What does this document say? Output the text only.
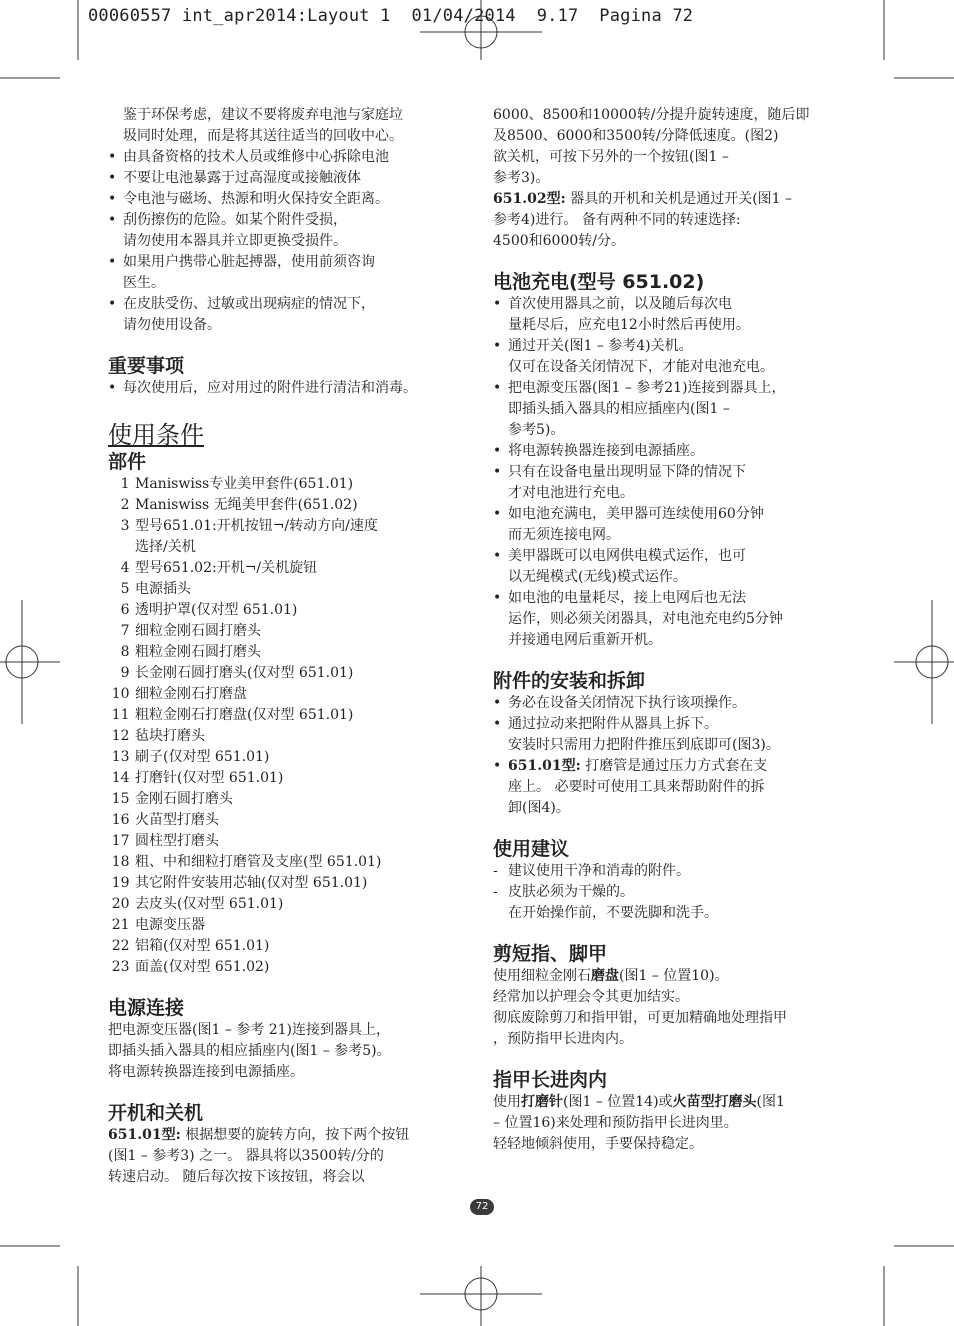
00060557 int_apr2014:Layout 1  01/04/2014  9.17  Pagina 72

鉴于环保考虑，建议不要将废弃电池与家庭垃
圾同时处理，而是将其送往适当的回收中心。

• 由具备资格的技术人员或维修中心拆除电池
• 不要让电池暴露于过高湿度或接触液体
• 令电池与磁场、热源和明火保持安全距离。
• 刮伤擦伤的危险。如某个附件受损，
请勿使用本器具并立即更换受损件。
• 如果用户携带心脏起搏器，使用前须咨询
医生。
• 在皮肤受伤、过敏或出现病症的情况下，
请勿使用设备。
重要事项
• 每次使用后，应对用过的附件进行清洁和消毒。
使用条件
部件
1 Maniswiss专业美甲套件(651.01)
2 Maniswiss 无绳美甲套件(651.02)
3 型号651.01:开机按钮¬/转动方向/速度
选择/关机
4 型号651.02:开机¬/关机旋钮
5 电源插头
6 透明护罩(仅对型 651.01)
7 细粒金刚石圆打磨头
8 粗粒金刚石圆打磨头
9 长金刚石圆打磨头(仅对型 651.01)
10 细粒金刚石打磨盘
11 粗粒金刚石打磨盘(仅对型 651.01)
12 毡块打磨头
13 刷子(仅对型 651.01)
14 打磨针(仅对型 651.01)
15 金刚石圆打磨头
16 火苗型打磨头
17 圆柱型打磨头
18 粗、中和细粒打磨管及支座(型 651.01)
19 其它附件安装用芯轴(仅对型 651.01)
20 去皮头(仅对型 651.01)
21 电源变压器
22 铝箱(仅对型 651.01)
23 面盖(仅对型 651.02)
电源连接

把电源变压器(图1 – 参考 21)连接到器具上，
即插头插入器具的相应插座内(图1 – 参考5)。
将电源转换器连接到电源插座。

开机和关机

651.01型: 根据想要的旋转方向，按下两个按钮
(图1 – 参考3) 之一。 器具将以3500转/分的
转速启动。 随后每次按下该按钮，将会以

6000、8500和10000转/分提升旋转速度，随后即
及8500、6000和3500转/分降低速度。(图2)
欲关机，可按下另外的一个按钮(图1 –
参考3)。

651.02型: 器具的开机和关机是通过开关(图1 –
参考4)进行。 备有两种不同的转速选择:
4500和6000转/分。

电池充电(型号 651.02)
• 首次使用器具之前，以及随后每次电
量耗尽后，应充电12小时然后再使用。
• 通过开关(图1 – 参考4)关机。
仅可在设备关闭情况下，才能对电池充电。
• 把电源变压器(图1 – 参考21)连接到器具上，
即插头插入器具的相应插座内(图1 –
参考5)。
• 将电源转换器连接到电源插座。
• 只有在设备电量出现明显下降的情况下
才对电池进行充电。
• 如电池充满电，美甲器可连续使用60分钟
而无须连接电网。
• 美甲器既可以电网供电模式运作，也可
以无绳模式(无线)模式运作。
• 如电池的电量耗尽，接上电网后也无法
运作，则必须关闭器具，对电池充电约5分钟
并接通电网后重新开机。
附件的安装和拆卸
• 务必在设备关闭情况下执行该项操作。
• 通过拉动来把附件从器具上拆下。
安装时只需用力把附件推压到底即可(图3)。
• 651.01型: 打磨管是通过压力方式套在支
座上。 必要时可使用工具来帮助附件的拆
卸(图4)。
使用建议
- 建议使用干净和消毒的附件。
- 皮肤必须为干燥的。
在开始操作前，不要洗脚和洗手。
剪短指、脚甲

使用细粒金刚石磨盘(图1 – 位置10)。

经常加以护理会令其更加结实。
彻底废除剪刀和指甲钳，可更加精确地处理指甲
，预防指甲长进肉内。

指甲长进肉内

使用打磨针(图1 – 位置14)或火苗型打磨头(图1
– 位置16)来处理和预防指甲长进肉里。
轻轻地倾斜使用，手要保持稳定。

72
